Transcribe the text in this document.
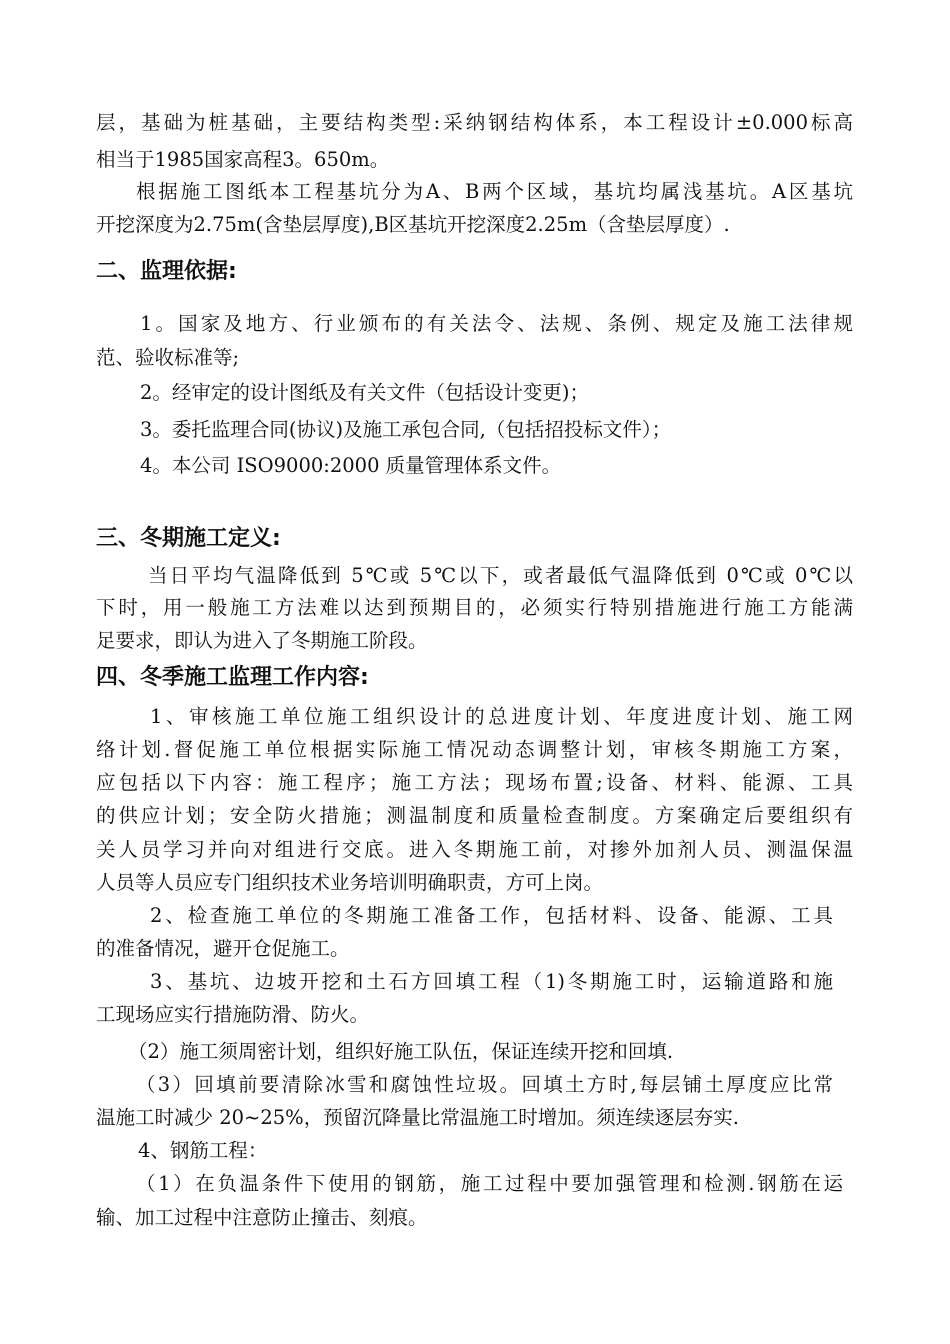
层，基础为桩基础，主要结构类型:采纳钢结构体系，本工程设计±0.000标高
相当于1985国家高程3。650m。
根据施工图纸本工程基坑分为A、B两个区域，基坑均属浅基坑。A区基坑
开挖深度为2.75m(含垫层厚度),B区基坑开挖深度2.25m（含垫层厚度）.
二、监理依据:
1。国家及地方、行业颁布的有关法令、法规、条例、规定及施工法律规
范、验收标准等;
2。经审定的设计图纸及有关文件（包括设计变更)；
3。委托监理合同(协议)及施工承包合同,（包括招投标文件）；
4。本公司 ISO9000:2000 质量管理体系文件。
三、冬期施工定义:
当日平均气温降低到 5℃或 5℃以下，或者最低气温降低到 0℃或 0℃以
下时，用一般施工方法难以达到预期目的，必须实行特别措施进行施工方能满
足要求，即认为进入了冬期施工阶段。
四、冬季施工监理工作内容:
1、审核施工单位施工组织设计的总进度计划、年度进度计划、施工网
络计划.督促施工单位根据实际施工情况动态调整计划，审核冬期施工方案，
应包括以下内容：施工程序；施工方法；现场布置;设备、材料、能源、工具
的供应计划；安全防火措施；测温制度和质量检查制度。方案确定后要组织有
关人员学习并向对组进行交底。进入冬期施工前，对掺外加剂人员、测温保温
人员等人员应专门组织技术业务培训明确职责，方可上岗。
2、检查施工单位的冬期施工准备工作，包括材料、设备、能源、工具
的准备情况，避开仓促施工。
3、基坑、边坡开挖和土石方回填工程（1)冬期施工时，运输道路和施
工现场应实行措施防滑、防火。
（2）施工须周密计划，组织好施工队伍，保证连续开挖和回填.
（3）回填前要清除冰雪和腐蚀性垃圾。回填土方时,每层铺土厚度应比常
温施工时减少 20~25%，预留沉降量比常温施工时增加。须连续逐层夯实.
4、钢筋工程：
（1）在负温条件下使用的钢筋，施工过程中要加强管理和检测.钢筋在运
输、加工过程中注意防止撞击、刻痕。
